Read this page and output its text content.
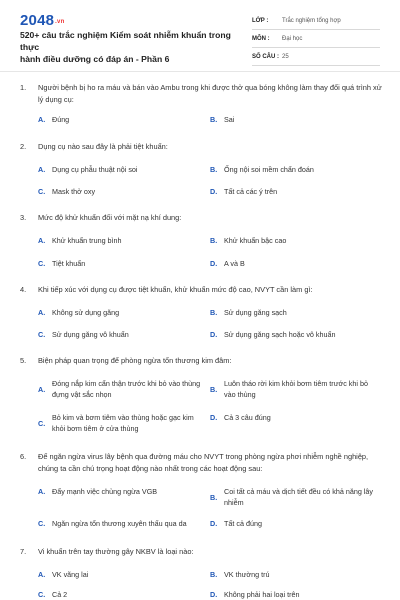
2048.vn
520+ câu trắc nghiệm Kiểm soát nhiễm khuẩn trong thực
hành điều dưỡng có đáp án - Phần 6
LỚP :	Trắc nghiệm tổng hợp
MÔN :	Đại học
SỐ CÂU : 25
1.	Người bệnh bị ho ra máu và bán vào Ambu trong khi được thở qua bóng không làm thay đổi quá trình xử lý dụng cụ:
A. Đúng	B. Sai
2.	Dụng cụ nào sau đây là phải tiệt khuẩn:
A. Dụng cụ phẫu thuật nội soi	B. Ống nội soi mềm chẩn đoán
C. Mask thở oxy	D. Tất cả các ý trên
3.	Mức độ khử khuẩn đối với mặt nạ khí dung:
A. Khử khuẩn trung bình	B. Khử khuẩn bậc cao
C. Tiệt khuẩn	D. A và B
4.	Khi tiếp xúc với dụng cụ được tiệt khuẩn, khử khuẩn mức độ cao, NVYT cần làm gì:
A. Không sử dụng găng	B. Sử dụng găng sạch
C. Sử dụng găng vô khuẩn	D. Sử dụng găng sạch hoặc vô khuẩn
5.	Biện pháp quan trọng để phòng ngừa tổn thương kim đâm:
A.
Đóng nắp kim cẩn thận trước khi bỏ vào thùng đựng vật sắc nhọn
B.
Luôn tháo rời kim khỏi bơm tiêm trước khi bỏ vào thùng
C.
Bỏ kim và bơm tiêm vào thùng hoặc gạc kim khỏi bơm tiêm ở cửa thùng
D. Cả 3 câu đúng
6.	Để ngăn ngừa virus lây bệnh qua đường máu cho NVYT trong phòng ngừa phơi nhiễm nghề nghiệp, chúng ta cần chú trọng hoạt động nào nhất trong các hoạt động sau:
A. Đẩy mạnh việc chủng ngừa VGB
B.
Coi tất cả máu và dịch tiết đều có khả năng lây nhiễm
C. Ngăn ngừa tổn thương xuyên thấu qua da	D. Tất cả đúng
7.	Vi khuẩn trên tay thường gây NKBV là loại nào:
A. VK vãng lai	B. VK thường trú
C. Cả 2	D. Không phải hai loại trên
